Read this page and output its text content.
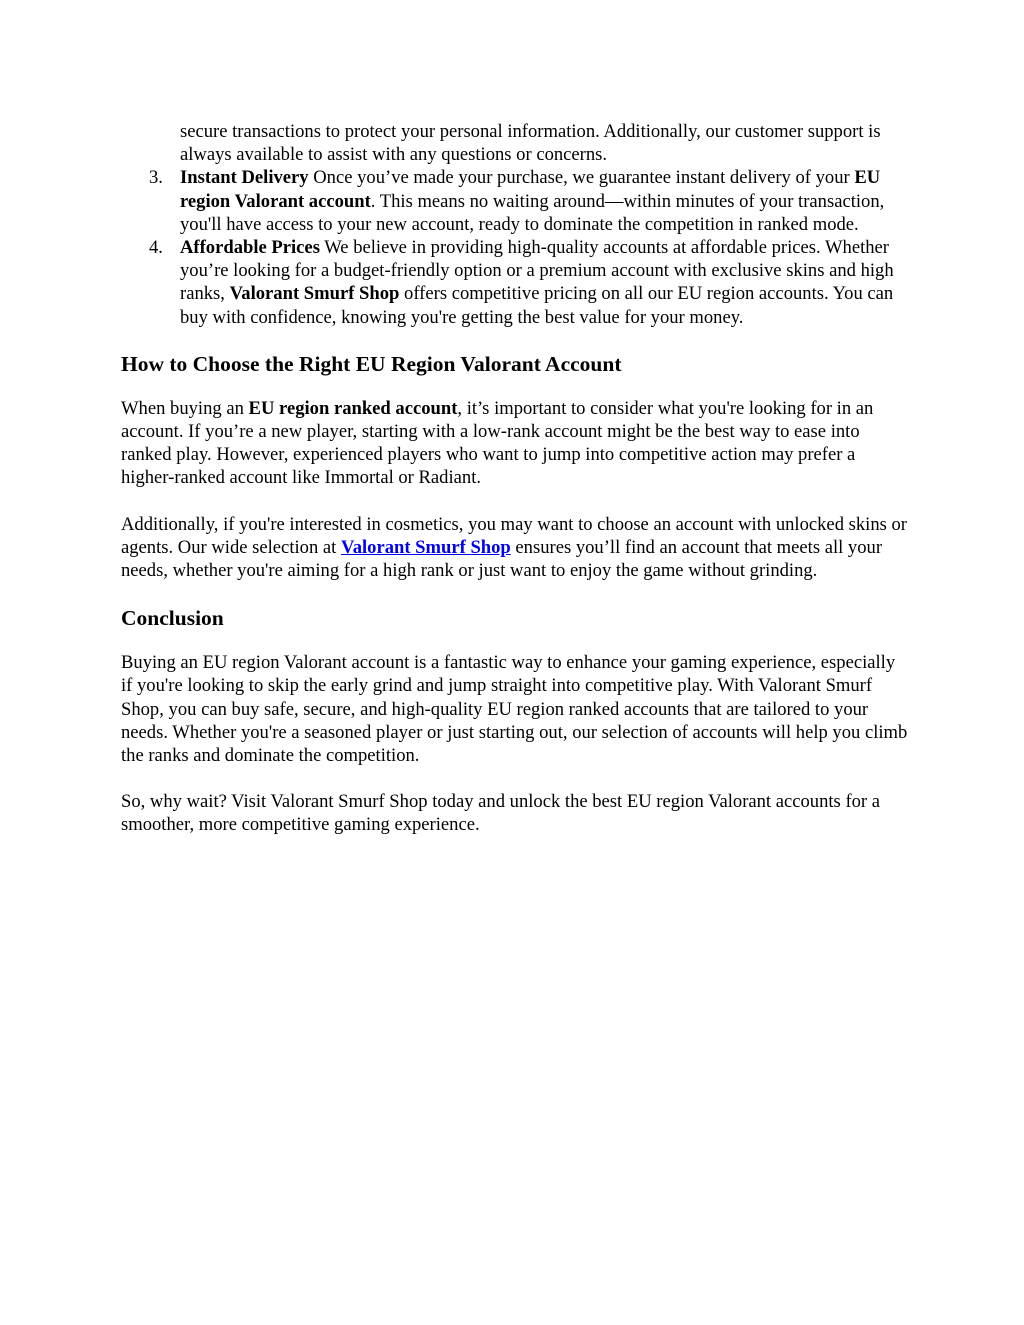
secure transactions to protect your personal information. Additionally, our customer support is always available to assist with any questions or concerns.
3. Instant Delivery Once you’ve made your purchase, we guarantee instant delivery of your EU region Valorant account. This means no waiting around—within minutes of your transaction, you'll have access to your new account, ready to dominate the competition in ranked mode.
4. Affordable Prices We believe in providing high-quality accounts at affordable prices. Whether you’re looking for a budget-friendly option or a premium account with exclusive skins and high ranks, Valorant Smurf Shop offers competitive pricing on all our EU region accounts. You can buy with confidence, knowing you're getting the best value for your money.
How to Choose the Right EU Region Valorant Account

When buying an EU region ranked account, it’s important to consider what you're looking for in an account. If you’re a new player, starting with a low-rank account might be the best way to ease into ranked play. However, experienced players who want to jump into competitive action may prefer a higher-ranked account like Immortal or Radiant.

Additionally, if you're interested in cosmetics, you may want to choose an account with unlocked skins or agents. Our wide selection at Valorant Smurf Shop ensures you’ll find an account that meets all your needs, whether you're aiming for a high rank or just want to enjoy the game without grinding.

Conclusion

Buying an EU region Valorant account is a fantastic way to enhance your gaming experience, especially if you're looking to skip the early grind and jump straight into competitive play. With Valorant Smurf Shop, you can buy safe, secure, and high-quality EU region ranked accounts that are tailored to your needs. Whether you're a seasoned player or just starting out, our selection of accounts will help you climb the ranks and dominate the competition.

So, why wait? Visit Valorant Smurf Shop today and unlock the best EU region Valorant accounts for a smoother, more competitive gaming experience.
